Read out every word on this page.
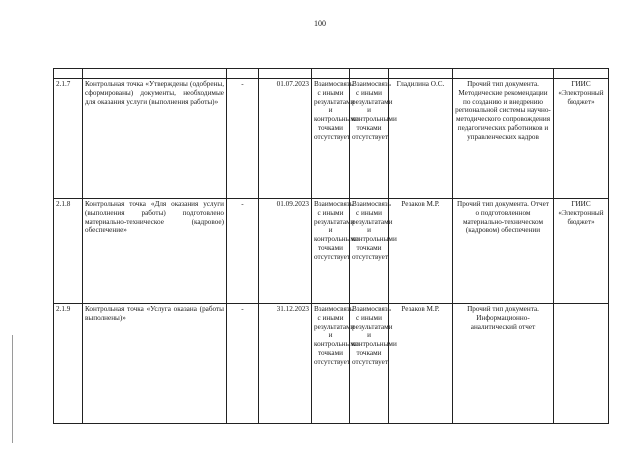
100

2.1.7	Контрольная точка «Утверждены (одобрены, сформированы) документы, необходимые для оказания услуги (выполнения работы)»	-	01.07.2023	Взаимосвязь с иными результатами и контрольными точками отсутствует	Взаимосвязь с иными результатами и контрольными точками отсутствует	Гладилина О.С.	Прочий тип документа. Методические рекомендации по созданию и внедрению региональной системы научно-методического сопровождения педагогических работников и управленческих кадров	ГИИС «Электронный бюджет»
2.1.8	Контрольная точка «Для оказания услуги (выполнения работы) подготовлено материально-техническое (кадровое) обеспечение»	-	01.09.2023	Взаимосвязь с иными результатами и контрольными точками отсутствует	Взаимосвязь с иными результатами и контрольными точками отсутствует	Резаков М.Р.	Прочий тип документа. Отчет о подготовленном материально-техническом (кадровом) обеспечении	ГИИС «Электронный бюджет»
2.1.9	Контрольная точка «Услуга оказана (работы выполнены)»	-	31.12.2023	Взаимосвязь с иными результатами и контрольными точками отсутствует	Взаимосвязь с иными результатами и контрольными точками отсутствует	Резаков М.Р.	Прочий тип документа. Информационно-аналитический отчет	
